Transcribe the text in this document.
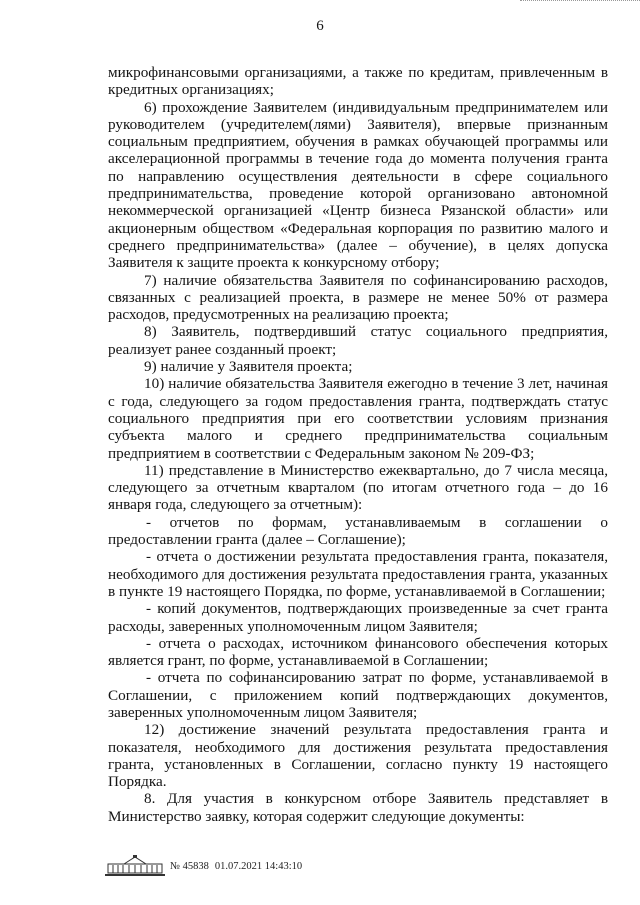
6

микрофинансовыми организациями, а также по кредитам, привлеченным в кредитных организациях;

6) прохождение Заявителем (индивидуальным предпринимателем или руководителем (учредителем(лями) Заявителя), впервые признанным социальным предприятием, обучения в рамках обучающей программы или акселерационной программы в течение года до момента получения гранта по направлению осуществления деятельности в сфере социального предпринимательства, проведение которой организовано автономной некоммерческой организацией «Центр бизнеса Рязанской области» или акционерным обществом «Федеральная корпорация по развитию малого и среднего предпринимательства» (далее – обучение), в целях допуска Заявителя к защите проекта к конкурсному отбору;

7) наличие обязательства Заявителя по софинансированию расходов, связанных с реализацией проекта, в размере не менее 50% от размера расходов, предусмотренных на реализацию проекта;

8) Заявитель, подтвердивший статус социального предприятия, реализует ранее созданный проект;

9) наличие у Заявителя проекта;

10) наличие обязательства Заявителя ежегодно в течение 3 лет, начиная с года, следующего за годом предоставления гранта, подтверждать статус социального предприятия при его соответствии условиям признания субъекта малого и среднего предпринимательства социальным предприятием в соответствии с Федеральным законом № 209-ФЗ;

11) представление в Министерство ежеквартально, до 7 числа месяца, следующего за отчетным кварталом (по итогам отчетного года – до 16 января года, следующего за отчетным):

- отчетов по формам, устанавливаемым в соглашении о предоставлении гранта (далее – Соглашение);

- отчета о достижении результата предоставления гранта, показателя, необходимого для достижения результата предоставления гранта, указанных в пункте 19 настоящего Порядка, по форме, устанавливаемой в Соглашении;

- копий документов, подтверждающих произведенные за счет гранта расходы, заверенных уполномоченным лицом Заявителя;

- отчета о расходах, источником финансового обеспечения которых является грант, по форме, устанавливаемой в Соглашении;

- отчета по софинансированию затрат по форме, устанавливаемой в Соглашении, с приложением копий подтверждающих документов, заверенных уполномоченным лицом Заявителя;

12) достижение значений результата предоставления гранта и показателя, необходимого для достижения результата предоставления гранта, установленных в Соглашении, согласно пункту 19 настоящего Порядка.

8. Для участия в конкурсном отборе Заявитель представляет в Министерство заявку, которая содержит следующие документы:

№ 45838 01.07.2021 14:43:10
